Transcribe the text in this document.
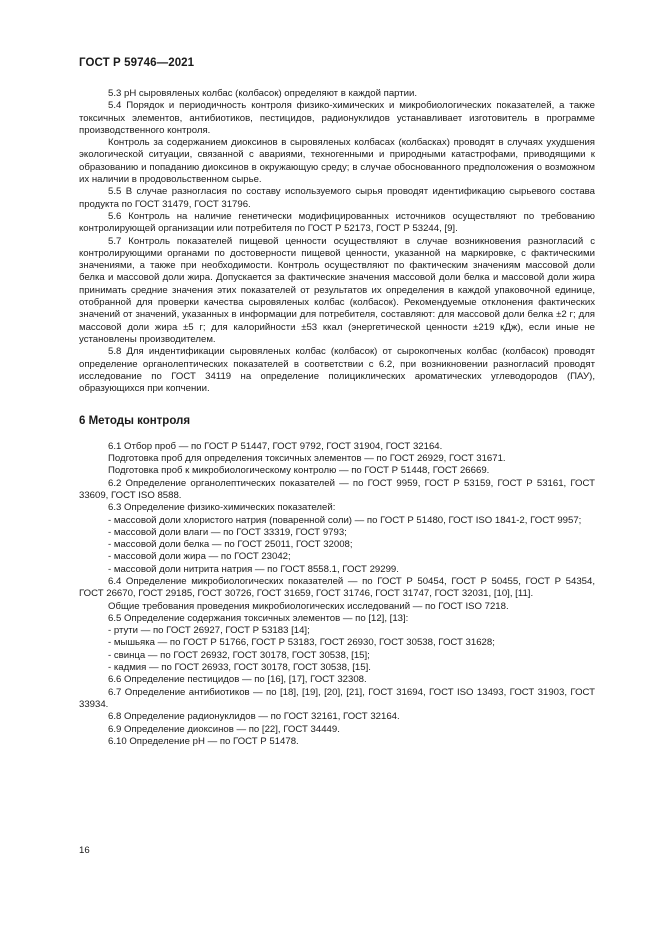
ГОСТ Р 59746—2021

5.3 pH сыровяленых колбас (колбасок) определяют в каждой партии.

5.4 Порядок и периодичность контроля физико-химических и микробиологических показателей, а также токсичных элементов, антибиотиков, пестицидов, радионуклидов устанавливает изготовитель в программе производственного контроля.

Контроль за содержанием диоксинов в сыровяленых колбасах (колбасках) проводят в случаях ухудшения экологической ситуации, связанной с авариями, техногенными и природными катастрофами, приводящими к образованию и попаданию диоксинов в окружающую среду; в случае обоснованного предположения о возможном их наличии в продовольственном сырье.

5.5 В случае разногласия по составу используемого сырья проводят идентификацию сырьевого состава продукта по ГОСТ 31479, ГОСТ 31796.

5.6 Контроль на наличие генетически модифицированных источников осуществляют по требованию контролирующей организации или потребителя по ГОСТ Р 52173, ГОСТ Р 53244, [9].

5.7 Контроль показателей пищевой ценности осуществляют в случае возникновения разногласий с контролирующими органами по достоверности пищевой ценности, указанной на маркировке, с фактическими значениями, а также при необходимости. Контроль осуществляют по фактическим значениям массовой доли белка и массовой доли жира. Допускается за фактические значения массовой доли белка и массовой доли жира принимать средние значения этих показателей от результатов их определения в каждой упаковочной единице, отобранной для проверки качества сыровяленых колбас (колбасок). Рекомендуемые отклонения фактических значений от значений, указанных в информации для потребителя, составляют: для массовой доли белка ±2 г; для массовой доли жира ±5 г; для калорийности ±53 ккал (энергетической ценности ±219 кДж), если иные не установлены производителем.

5.8 Для индентификации сыровяленых колбас (колбасок) от сырокопченых колбас (колбасок) проводят определение органолептических показателей в соответствии с 6.2, при возникновении разногласий проводят исследование по ГОСТ 34119 на определение полициклических ароматических углеводородов (ПАУ), образующихся при копчении.

6 Методы контроля

6.1 Отбор проб — по ГОСТ Р 51447, ГОСТ 9792, ГОСТ 31904, ГОСТ 32164.

Подготовка проб для определения токсичных элементов — по ГОСТ 26929, ГОСТ 31671.

Подготовка проб к микробиологическому контролю — по ГОСТ Р 51448, ГОСТ 26669.

6.2 Определение органолептических показателей — по ГОСТ 9959, ГОСТ Р 53159, ГОСТ Р 53161, ГОСТ 33609, ГОСТ ISO 8588.

6.3 Определение физико-химических показателей:

- массовой доли хлористого натрия (поваренной соли) — по ГОСТ Р 51480, ГОСТ ISO 1841-2, ГОСТ 9957;

- массовой доли влаги — по ГОСТ 33319, ГОСТ 9793;

- массовой доли белка — по ГОСТ 25011, ГОСТ 32008;

- массовой доли жира — по ГОСТ 23042;

- массовой доли нитрита натрия — по ГОСТ 8558.1, ГОСТ 29299.

6.4 Определение микробиологических показателей — по ГОСТ Р 50454, ГОСТ Р 50455, ГОСТ Р 54354, ГОСТ 26670, ГОСТ 29185, ГОСТ 30726, ГОСТ 31659, ГОСТ 31746, ГОСТ 31747, ГОСТ 32031, [10], [11].

Общие требования проведения микробиологических исследований — по ГОСТ ISO 7218.

6.5 Определение содержания токсичных элементов — по [12], [13]:

- ртути — по ГОСТ 26927, ГОСТ Р 53183 [14];

- мышьяка — по ГОСТ Р 51766, ГОСТ Р 53183, ГОСТ 26930, ГОСТ 30538, ГОСТ 31628;

- свинца — по ГОСТ 26932, ГОСТ 30178, ГОСТ 30538, [15];

- кадмия — по ГОСТ 26933, ГОСТ 30178, ГОСТ 30538, [15].

6.6 Определение пестицидов — по [16], [17], ГОСТ 32308.

6.7 Определение антибиотиков — по [18], [19], [20], [21], ГОСТ 31694, ГОСТ ISO 13493, ГОСТ 31903, ГОСТ 33934.

6.8 Определение радионуклидов — по ГОСТ 32161, ГОСТ 32164.

6.9 Определение диоксинов — по [22], ГОСТ 34449.

6.10 Определение pH — по ГОСТ Р 51478.

16
